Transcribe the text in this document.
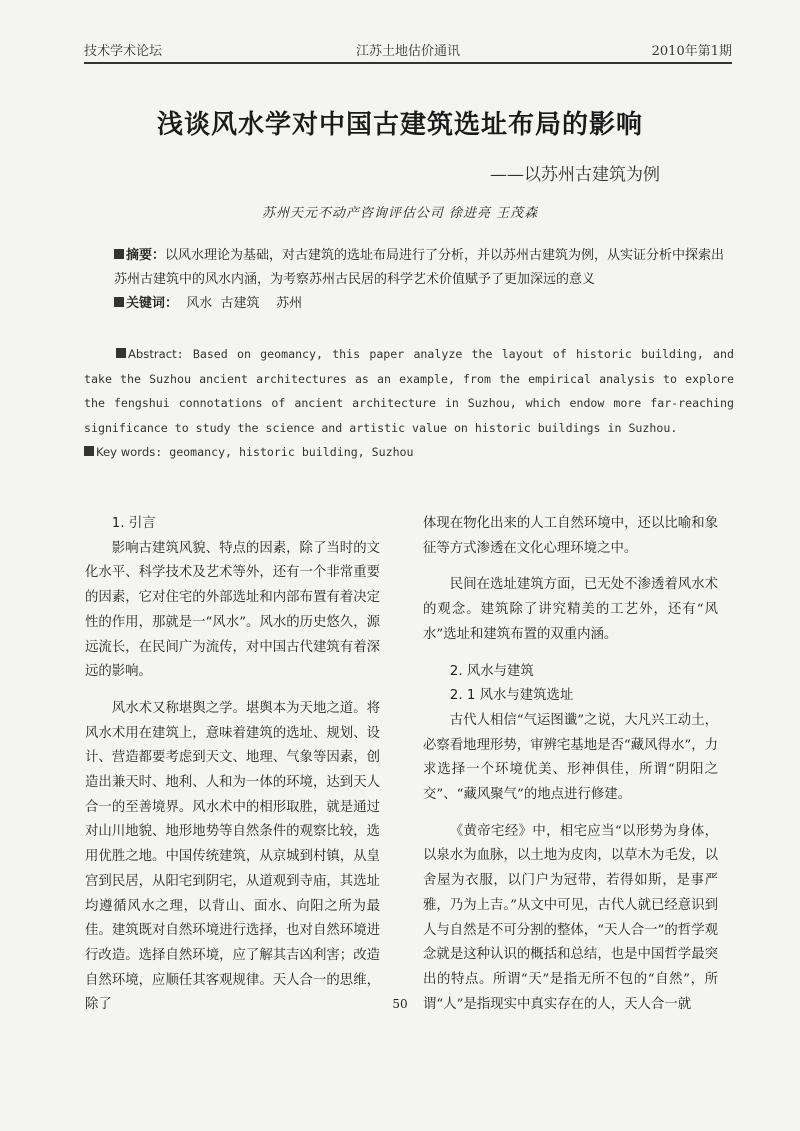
技术学术论坛	江苏土地估价通讯	2010年第1期
浅谈风水学对中国古建筑选址布局的影响
——以苏州古建筑为例
苏州天元不动产咨询评估公司 徐进亮 王茂森

摘要：以风水理论为基础，对古建筑的选址布局进行了分析，并以苏州古建筑为例，从实证分析中探索出苏州古建筑中的风水内涵，为考察苏州古民居的科学艺术价值赋予了更加深远的意义

关键词：  风水  古建筑    苏州

Abstract: Based on geomancy, this paper analyze the layout of historic building, and take the Suzhou ancient architectures as an example, from the empirical analysis to explore the fengshui connotations of ancient architecture in Suzhou, which endow more far-reaching significance to study the science and artistic value on historic buildings in Suzhou.

Key words: geomancy, historic building, Suzhou

1. 引言

影响古建筑风貌、特点的因素，除了当时的文化水平、科学技术及艺术等外，还有一个非常重要的因素，它对住宅的外部选址和内部布置有着决定性的作用，那就是一“风水”。风水的历史悠久，源远流长，在民间广为流传，对中国古代建筑有着深远的影响。

风水术又称堪舆之学。堪舆本为天地之道。将风水术用在建筑上，意味着建筑的选址、规划、设计、营造都要考虑到天文、地理、气象等因素，创造出兼天时、地利、人和为一体的环境，达到天人合一的至善境界。风水术中的相形取胜，就是通过对山川地貌、地形地势等自然条件的观察比较，选用优胜之地。中国传统建筑，从京城到村镇，从皇宫到民居，从阳宅到阴宅，从道观到寺庙，其选址均遵循风水之理，以背山、面水、向阳之所为最佳。建筑既对自然环境进行选择，也对自然环境进行改造。选择自然环境，应了解其吉凶利害；改造自然环境，应顺任其客观规律。天人合一的思维，除了

体现在物化出来的人工自然环境中，还以比喻和象征等方式渗透在文化心理环境之中。

民间在选址建筑方面，已无处不渗透着风水术的观念。建筑除了讲究精美的工艺外，还有“风水”选址和建筑布置的双重内涵。

2. 风水与建筑

2. 1 风水与建筑选址

古代人相信“气运图谶”之说，大凡兴工动土，必察看地理形势，审辨宅基地是否“藏风得水”，力求选择一个环境优美、形神俱佳，所谓“阴阳之交”、“藏风聚气”的地点进行修建。

《黄帝宅经》中，相宅应当“以形势为身体，以泉水为血脉，以土地为皮肉，以草木为毛发，以舍屋为衣服，以门户为冠带，若得如斯，是事严雅，乃为上吉。”从文中可见，古代人就已经意识到人与自然是不可分割的整体，“天人合一”的哲学观念就是这种认识的概括和总结，也是中国哲学最突出的特点。所谓“天”是指无所不包的“自然”，所谓“人”是指现实中真实存在的人，天人合一就

50
